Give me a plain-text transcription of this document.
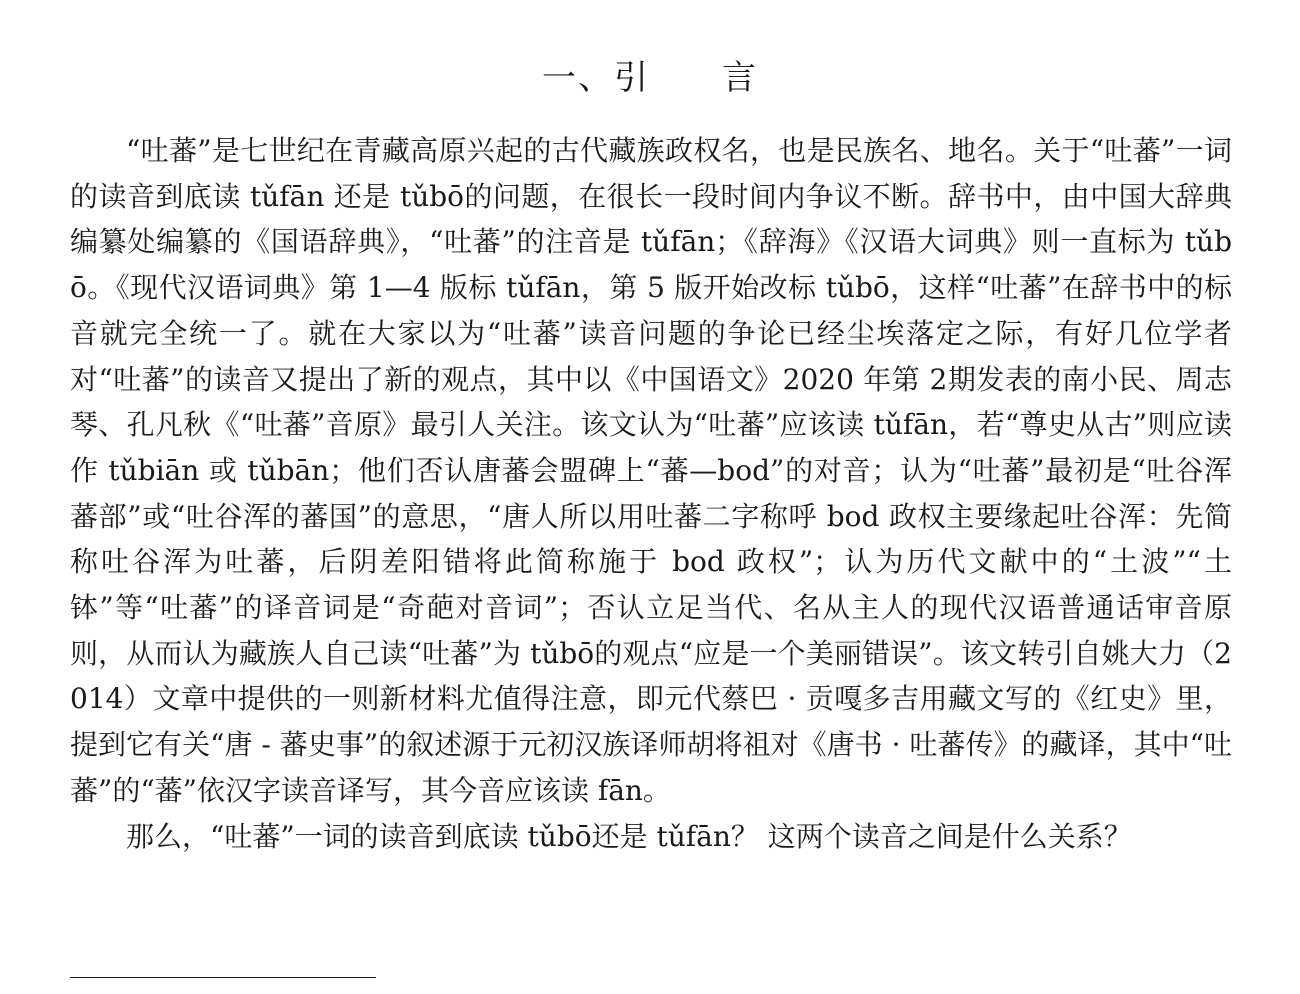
一、引　　言

“吐蕃”是七世纪在青藏高原兴起的古代藏族政权名，也是民族名、地名。关于“吐蕃”一词的读音到底读 tǔfān 还是 tǔbō的问题，在很长一段时间内争议不断。辞书中，由中国大辞典编纂处编纂的《国语辞典》，“吐蕃”的注音是 tǔfān；《辞海》《汉语大词典》则一直标为 tǔbō。《现代汉语词典》第 1—4 版标 tǔfān，第 5 版开始改标 tǔbō，这样“吐蕃”在辞书中的标音就完全统一了。就在大家以为“吐蕃”读音问题的争论已经尘埃落定之际，有好几位学者对“吐蕃”的读音又提出了新的观点，其中以《中国语文》2020 年第 2期发表的南小民、周志琴、孔凡秋《“吐蕃”音原》最引人关注。该文认为“吐蕃”应该读 tǔfān，若“尊史从古”则应读作 tǔbiān 或 tǔbān；他们否认唐蕃会盟碑上“蕃—bod”的对音；认为“吐蕃”最初是“吐谷浑蕃部”或“吐谷浑的蕃国”的意思，“唐人所以用吐蕃二字称呼 bod 政权主要缘起吐谷浑：先简称吐谷浑为吐蕃，后阴差阳错将此简称施于 bod 政权”；认为历代文献中的“土波”“土钵”等“吐蕃”的译音词是“奇葩对音词”；否认立足当代、名从主人的现代汉语普通话审音原则，从而认为藏族人自己读“吐蕃”为 tǔbō的观点“应是一个美丽错误”。该文转引自姚大力（2014）文章中提供的一则新材料尤值得注意，即元代蔡巴 · 贡嘎多吉用藏文写的《红史》里，提到它有关“唐 - 蕃史事”的叙述源于元初汉族译师胡将祖对《唐书 · 吐蕃传》的藏译，其中“吐蕃”的“蕃”依汉字读音译写，其今音应该读 fān。

那么，“吐蕃”一词的读音到底读 tǔbō还是 tǔfān？ 这两个读音之间是什么关系？
